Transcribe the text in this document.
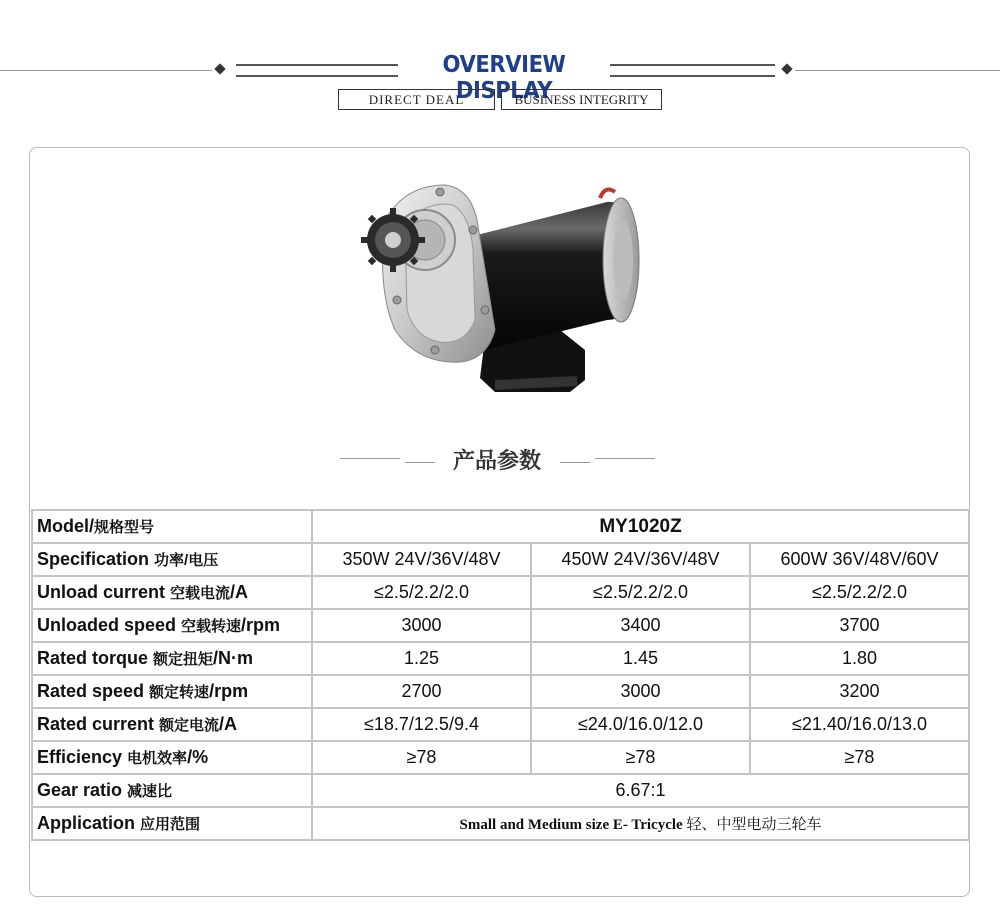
OVERVIEW DISPLAY
DIRECT DEAL	BUSINESS INTEGRITY
产品参数
Model/规格型号	MY1020Z		
Specification 功率/电压	350W 24V/36V/48V	450W 24V/36V/48V	600W 36V/48V/60V
Unload current 空载电流/A	≤2.5/2.2/2.0	≤2.5/2.2/2.0	≤2.5/2.2/2.0
Unloaded speed 空载转速/rpm	3000	3400	3700
Rated torque 额定扭矩/N·m	1.25	1.45	1.80
Rated speed 额定转速/rpm	2700	3000	3200
Rated current 额定电流/A	≤18.7/12.5/9.4	≤24.0/16.0/12.0	≤21.40/16.0/13.0
Efficiency 电机效率/%	≥78	≥78	≥78
Gear ratio 减速比	6.67:1		
Application 应用范围	Small and Medium size E- Tricycle 轻、中型电动三轮车		
